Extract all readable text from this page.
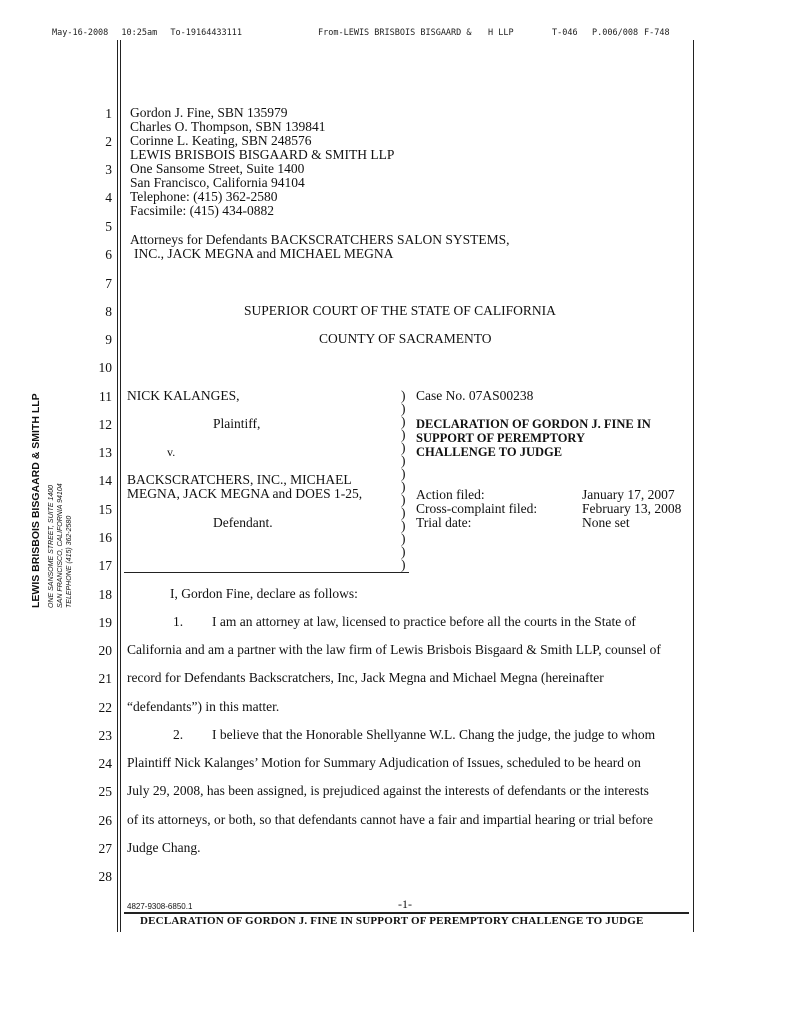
May-16-2008 10:25am To-19164433111	From-LEWIS BRISBOIS BISGAARD & H LLP	T-046 P.006/008 F-748
LEWIS BRISBOIS BISGAARD & SMITH LLP ONE SANSOME STREET, SUITE 1400 SAN FRANCISCO, CALIFORNIA 94104 TELEPHONE (415) 362-2580
1
2
3
4
5
6
7
8
9
10
11
12
13
14
15
16
17
18
19
20
21
22
23
24
25
26
27
28
Gordon J. Fine, SBN 135979
Charles O. Thompson, SBN 139841
Corinne L. Keating, SBN 248576
LEWIS BRISBOIS BISGAARD & SMITH LLP
One Sansome Street, Suite 1400
San Francisco, California 94104
Telephone: (415) 362-2580
Facsimile: (415) 434-0882
Attorneys for Defendants BACKSCRATCHERS SALON SYSTEMS,
INC., JACK MEGNA and MICHAEL MEGNA
SUPERIOR COURT OF THE STATE OF CALIFORNIA
COUNTY OF SACRAMENTO
NICK KALANGES,
Plaintiff,
v.
BACKSCRATCHERS, INC., MICHAEL
MEGNA, JACK MEGNA and DOES 1-25,
Defendant.
)
)
)
)
)
)
)
)
)
)
)
)
)
)
Case No. 07AS00238
DECLARATION OF GORDON J. FINE IN
SUPPORT OF PEREMPTORY
CHALLENGE TO JUDGE
Action filed:	January 17, 2007
Cross-complaint filed:	February 13, 2008
Trial date:	None set
I, Gordon Fine, declare as follows:
1. I am an attorney at law, licensed to practice before all the courts in the State of
California and am a partner with the law firm of Lewis Brisbois Bisgaard & Smith LLP, counsel of
record for Defendants Backscratchers, Inc, Jack Megna and Michael Megna (hereinafter
“defendants”) in this matter.
2. I believe that the Honorable Shellyanne W.L. Chang the judge, the judge to whom
Plaintiff Nick Kalanges’ Motion for Summary Adjudication of Issues, scheduled to be heard on
July 29, 2008, has been assigned, is prejudiced against the interests of defendants or the interests
of its attorneys, or both, so that defendants cannot have a fair and impartial hearing or trial before
Judge Chang.
4827-9308-6850.1	-1-
DECLARATION OF GORDON J. FINE IN SUPPORT OF PEREMPTORY CHALLENGE TO JUDGE
